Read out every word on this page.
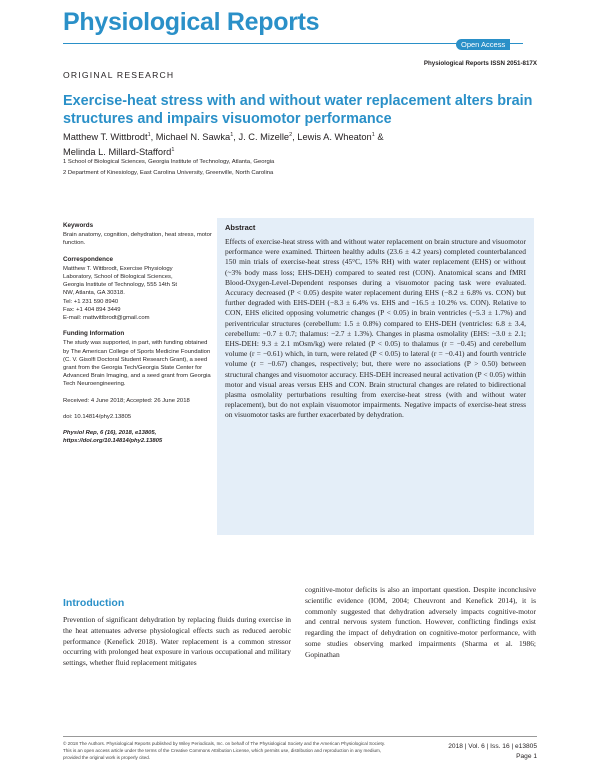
Physiological Reports
Open Access
Physiological Reports ISSN 2051-817X
ORIGINAL RESEARCH
Exercise-heat stress with and without water replacement alters brain structures and impairs visuomotor performance
Matthew T. Wittbrodt$^1$, Michael N. Sawka$^1$, J. C. Mizelle$^2$, Lewis A. Wheaton$^1$ &
Melinda L. Millard-Stafford$^1$
1 School of Biological Sciences, Georgia Institute of Technology, Atlanta, Georgia
2 Department of Kinesiology, East Carolina University, Greenville, North Carolina
Keywords
Brain anatomy, cognition, dehydration, heat stress, motor function.
Correspondence
Matthew T. Wittbrodt, Exercise Physiology
Laboratory, School of Biological Sciences,
Georgia Institute of Technology, 555 14th St
NW, Atlanta, GA 30318.
Tel: +1 231 590 8940
Fax: +1 404 894 3449
E-mail: mattwittbrodt@gmail.com
Funding Information
The study was supported, in part, with funding obtained by The American College of Sports Medicine Foundation (C. V. Gisolfi Doctoral Student Research Grant), a seed grant from the Georgia Tech/Georgia State Center for Advanced Brain Imaging, and a seed grant from Georgia Tech Neuroengineering.
Received: 4 June 2018; Accepted: 26 June 2018
doi: 10.14814/phy2.13805
Physiol Rep, 6 (16), 2018, e13805,
https://doi.org/10.14814/phy2.13805
Abstract

Effects of exercise-heat stress with and without water replacement on brain structure and visuomotor performance were examined. Thirteen healthy adults (23.6 ± 4.2 years) completed counterbalanced 150 min trials of exercise-heat stress (45°C, 15% RH) with water replacement (EHS) or without (~3% body mass loss; EHS-DEH) compared to seated rest (CON). Anatomical scans and fMRI Blood-Oxygen-Level-Dependent responses during a visuomotor pacing task were evaluated. Accuracy decreased (P < 0.05) despite water replacement during EHS (−8.2 ± 6.8% vs. CON) but further degraded with EHS-DEH (−8.3 ± 6.4% vs. EHS and −16.5 ± 10.2% vs. CON). Relative to CON, EHS elicited opposing volumetric changes (P < 0.05) in brain ventricles (−5.3 ± 1.7%) and periventricular structures (cerebellum: 1.5 ± 0.8%) compared to EHS-DEH (ventricles: 6.8 ± 3.4, cerebellum: −0.7 ± 0.7; thalamus: −2.7 ± 1.3%). Changes in plasma osmolality (EHS: −3.0 ± 2.1; EHS-DEH: 9.3 ± 2.1 mOsm/kg) were related (P < 0.05) to thalamus (r = −0.45) and cerebellum volume (r = −0.61) which, in turn, were related (P < 0.05) to lateral (r = −0.41) and fourth ventricle volume (r = −0.67) changes, respectively; but, there were no associations (P > 0.50) between structural changes and visuomotor accuracy. EHS-DEH increased neural activation (P < 0.05) within motor and visual areas versus EHS and CON. Brain structural changes are related to bidirectional plasma osmolality perturbations resulting from exercise-heat stress (with and without water replacement), but do not explain visuomotor impairments. Negative impacts of exercise-heat stress on visuomotor tasks are further exacerbated by dehydration.

Introduction

Prevention of significant dehydration by replacing fluids during exercise in the heat attenuates adverse physiological effects such as reduced aerobic performance (Kenefick 2018). Water replacement is a common stressor occurring with prolonged heat exposure in various occupational and military settings, whether fluid replacement mitigates

cognitive-motor deficits is also an important question. Despite inconclusive scientific evidence (IOM, 2004; Cheuvront and Kenefick 2014), it is commonly suggested that dehydration adversely impacts cognitive-motor and central nervous system function. However, conflicting findings exist regarding the impact of dehydration on cognitive-motor performance, with some studies observing marked impairments (Sharma et al. 1986; Gopinathan

© 2018 The Authors. Physiological Reports published by Wiley Periodicals, Inc. on behalf of The Physiological Society and the American Physiological Society. This is an open access article under the terms of the Creative Commons Attribution License, which permits use, distribution and reproduction in any medium, provided the original work is properly cited.
2018 | Vol. 6 | Iss. 16 | e13805
Page 1
